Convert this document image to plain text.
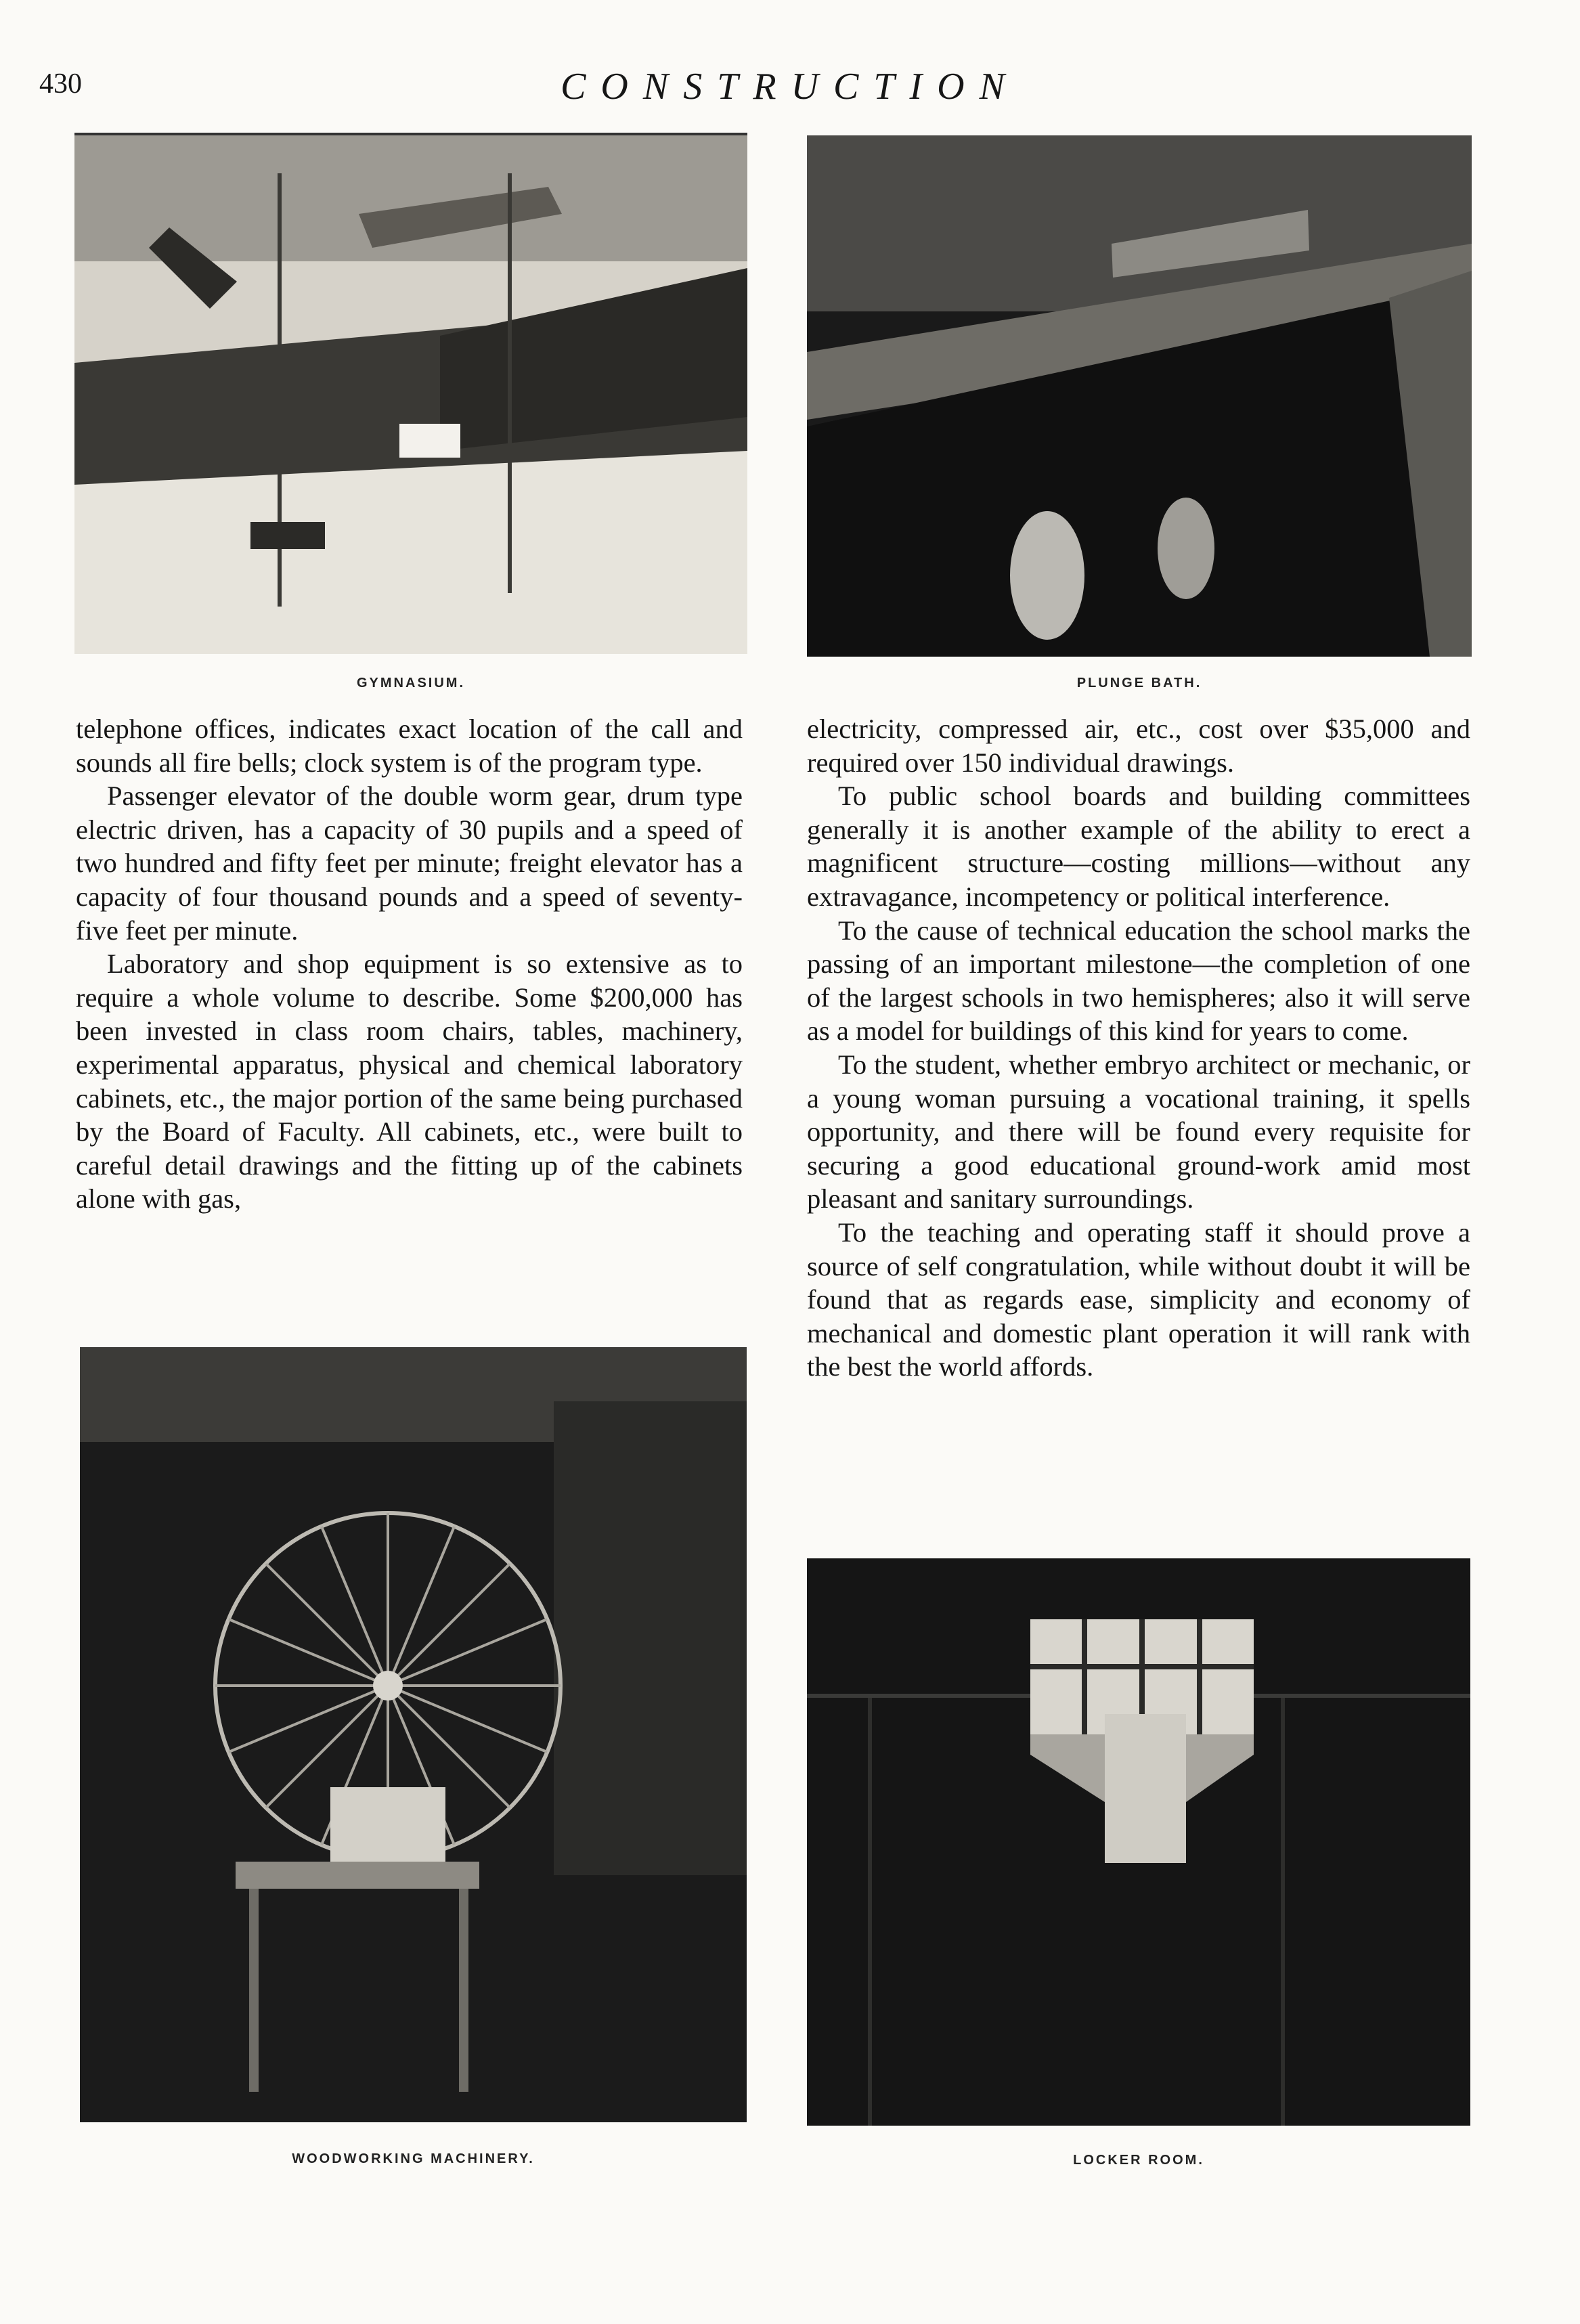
430	CONSTRUCTION
GYMNASIUM.	PLUNGE BATH.

telephone offices, indicates exact location of the call and sounds all fire bells; clock system is of the program type.

Passenger elevator of the double worm gear, drum type electric driven, has a capacity of 30 pupils and a speed of two hundred and fifty feet per minute; freight elevator has a capacity of four thousand pounds and a speed of seventy-five feet per minute.

Laboratory and shop equipment is so extensive as to require a whole volume to describe. Some $200,000 has been invested in class room chairs, tables, machinery, experimental apparatus, physical and chemical laboratory cabinets, etc., the major portion of the same being purchased by the Board of Faculty. All cabinets, etc., were built to careful detail drawings and the fitting up of the cabinets alone with gas,

electricity, compressed air, etc., cost over $35,000 and required over 150 individual drawings.

To public school boards and building committees generally it is another example of the ability to erect a magnificent structure—costing millions—without any extravagance, incompetency or political interference.

To the cause of technical education the school marks the passing of an important milestone—the completion of one of the largest schools in two hemispheres; also it will serve as a model for buildings of this kind for years to come.

To the student, whether embryo architect or mechanic, or a young woman pursuing a vocational training, it spells opportunity, and there will be found every requisite for securing a good educational ground-work amid most pleasant and sanitary surroundings.

To the teaching and operating staff it should prove a source of self congratulation, while without doubt it will be found that as regards ease, simplicity and economy of mechanical and domestic plant operation it will rank with the best the world affords.

WOODWORKING MACHINERY.	LOCKER ROOM.
